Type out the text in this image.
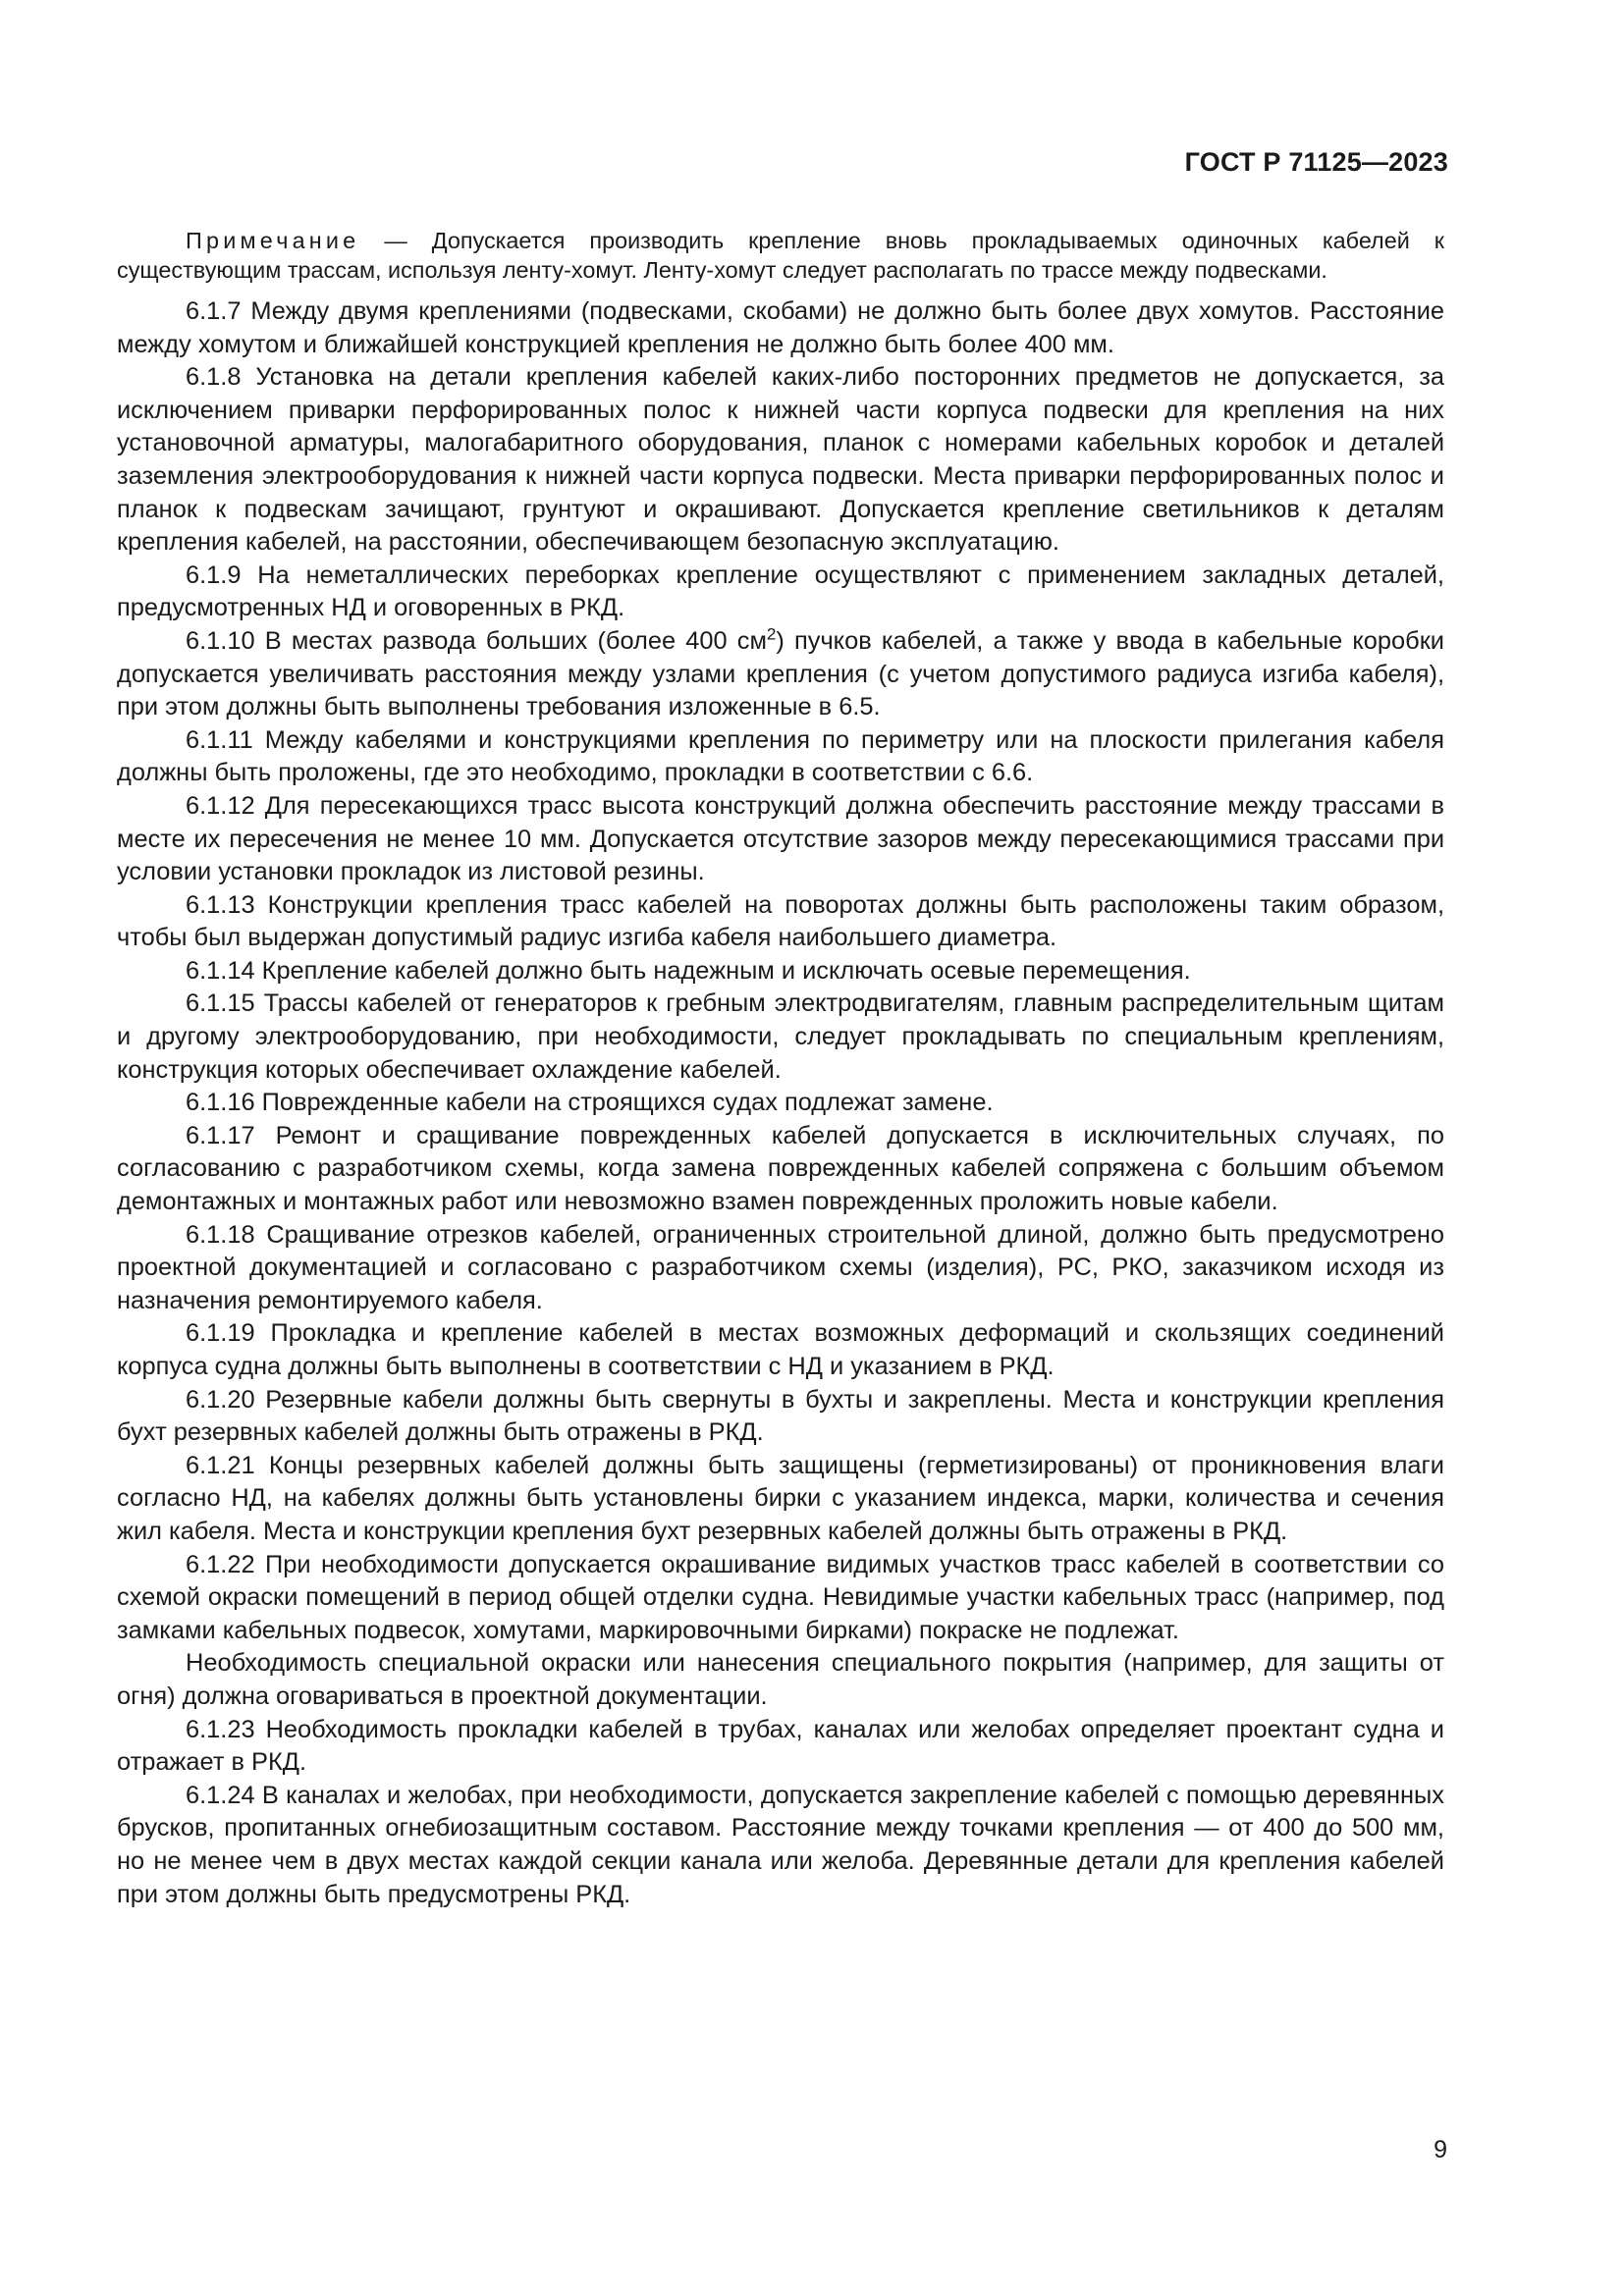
ГОСТ Р 71125—2023
Примечание — Допускается производить крепление вновь прокладываемых одиночных кабелей к существующим трассам, используя ленту-хомут. Ленту-хомут следует располагать по трассе между подвесками.

6.1.7 Между двумя креплениями (подвесками, скобами) не должно быть более двух хомутов. Расстояние между хомутом и ближайшей конструкцией крепления не должно быть более 400 мм.

6.1.8 Установка на детали крепления кабелей каких-либо посторонних предметов не допускается, за исключением приварки перфорированных полос к нижней части корпуса подвески для крепления на них установочной арматуры, малогабаритного оборудования, планок с номерами кабельных коробок и деталей заземления электрооборудования к нижней части корпуса подвески. Места приварки перфорированных полос и планок к подвескам зачищают, грунтуют и окрашивают. Допускается крепление светильников к деталям крепления кабелей, на расстоянии, обеспечивающем безопасную эксплуатацию.

6.1.9 На неметаллических переборках крепление осуществляют с применением закладных деталей, предусмотренных НД и оговоренных в РКД.

6.1.10 В местах развода больших (более 400 $см^2$) пучков кабелей, а также у ввода в кабельные коробки допускается увеличивать расстояния между узлами крепления (с учетом допустимого радиуса изгиба кабеля), при этом должны быть выполнены требования изложенные в 6.5.

6.1.11 Между кабелями и конструкциями крепления по периметру или на плоскости прилегания кабеля должны быть проложены, где это необходимо, прокладки в соответствии с 6.6.

6.1.12 Для пересекающихся трасс высота конструкций должна обеспечить расстояние между трассами в месте их пересечения не менее 10 мм. Допускается отсутствие зазоров между пересекающимися трассами при условии установки прокладок из листовой резины.

6.1.13 Конструкции крепления трасс кабелей на поворотах должны быть расположены таким образом, чтобы был выдержан допустимый радиус изгиба кабеля наибольшего диаметра.

6.1.14 Крепление кабелей должно быть надежным и исключать осевые перемещения.

6.1.15 Трассы кабелей от генераторов к гребным электродвигателям, главным распределительным щитам и другому электрооборудованию, при необходимости, следует прокладывать по специальным креплениям, конструкция которых обеспечивает охлаждение кабелей.

6.1.16 Поврежденные кабели на строящихся судах подлежат замене.

6.1.17 Ремонт и сращивание поврежденных кабелей допускается в исключительных случаях, по согласованию с разработчиком схемы, когда замена поврежденных кабелей сопряжена с большим объемом демонтажных и монтажных работ или невозможно взамен поврежденных проложить новые кабели.

6.1.18 Сращивание отрезков кабелей, ограниченных строительной длиной, должно быть предусмотрено проектной документацией и согласовано с разработчиком схемы (изделия), РС, РКО, заказчиком исходя из назначения ремонтируемого кабеля.

6.1.19 Прокладка и крепление кабелей в местах возможных деформаций и скользящих соединений корпуса судна должны быть выполнены в соответствии с НД и указанием в РКД.

6.1.20 Резервные кабели должны быть свернуты в бухты и закреплены. Места и конструкции крепления бухт резервных кабелей должны быть отражены в РКД.

6.1.21 Концы резервных кабелей должны быть защищены (герметизированы) от проникновения влаги согласно НД, на кабелях должны быть установлены бирки с указанием индекса, марки, количества и сечения жил кабеля. Места и конструкции крепления бухт резервных кабелей должны быть отражены в РКД.

6.1.22 При необходимости допускается окрашивание видимых участков трасс кабелей в соответствии со схемой окраски помещений в период общей отделки судна. Невидимые участки кабельных трасс (например, под замками кабельных подвесок, хомутами, маркировочными бирками) покраске не подлежат.

Необходимость специальной окраски или нанесения специального покрытия (например, для защиты от огня) должна оговариваться в проектной документации.

6.1.23 Необходимость прокладки кабелей в трубах, каналах или желобах определяет проектант судна и отражает в РКД.

6.1.24 В каналах и желобах, при необходимости, допускается закрепление кабелей с помощью деревянных брусков, пропитанных огнебиозащитным составом. Расстояние между точками крепления — от 400 до 500 мм, но не менее чем в двух местах каждой секции канала или желоба. Деревянные детали для крепления кабелей при этом должны быть предусмотрены РКД.

9
